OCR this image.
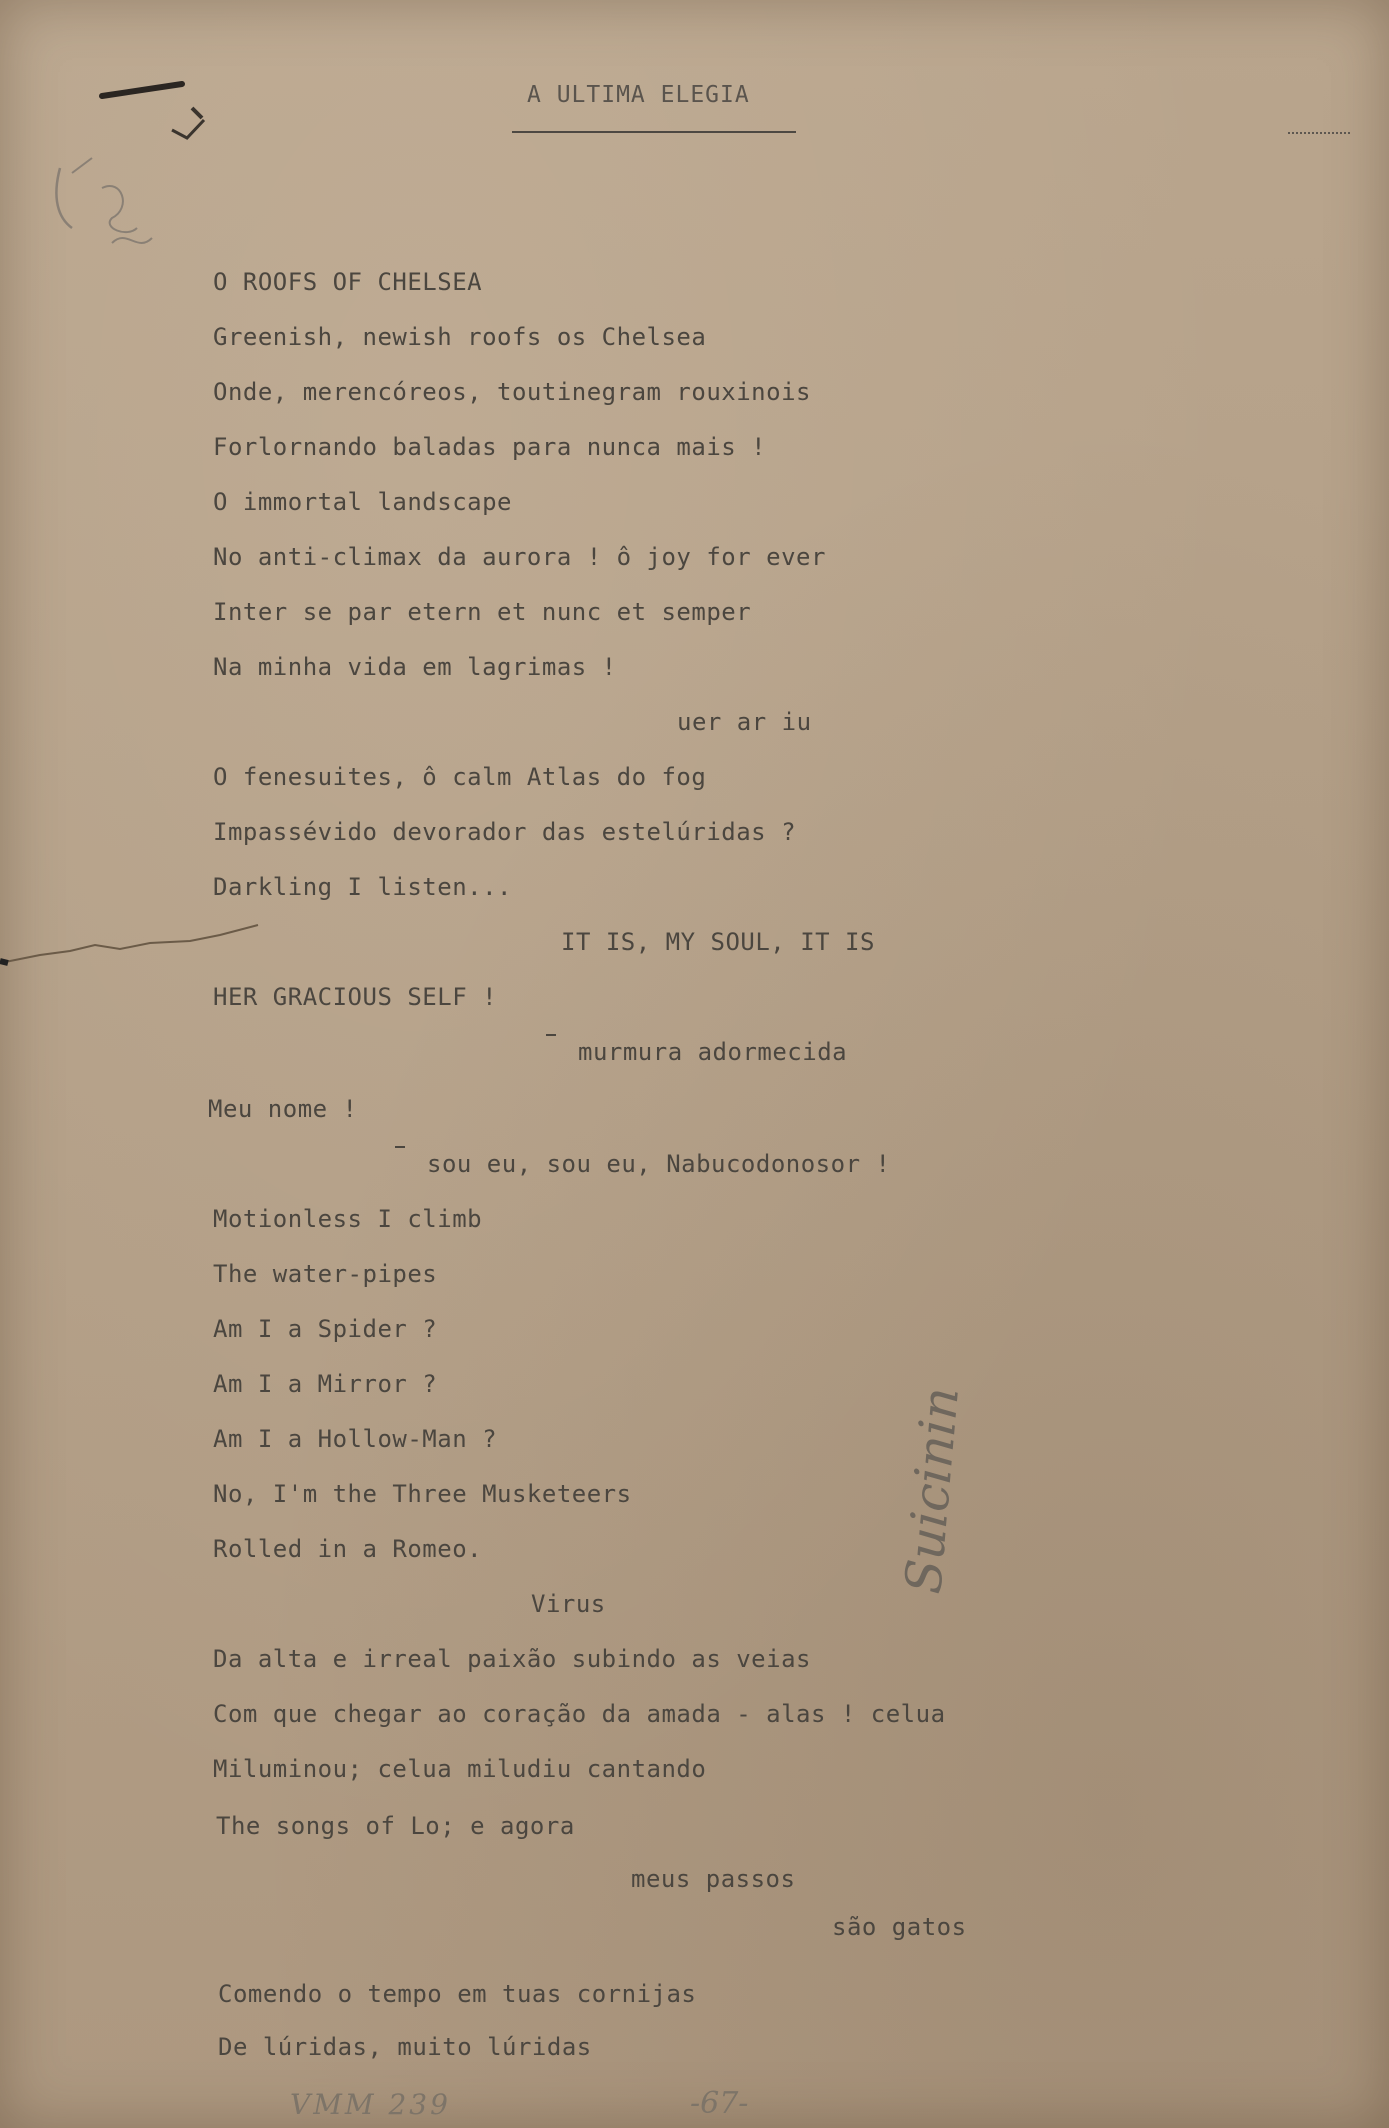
A ULTIMA ELEGIA
O ROOFS OF CHELSEA
Greenish, newish roofs os Chelsea
Onde, merencóreos, toutinegram rouxinois
Forlornando baladas para nunca mais !
O immortal landscape
No anti-climax da aurora ! ô joy for ever
Inter se par etern et nunc et semper
Na minha vida em lagrimas !
uer ar iu
O fenesuites, ô calm Atlas do fog
Impassévido devorador das estelúridas ?
Darkling I listen...
IT IS, MY SOUL, IT IS
HER GRACIOUS SELF !
murmura adormecida
Meu nome !
sou eu, sou eu, Nabucodonosor !
Motionless I climb
The water-pipes
Am I a Spider ?
Am I a Mirror ?
Am I a Hollow-Man ?
No, I'm the Three Musketeers
Rolled in a Romeo.
Virus
Da alta e irreal paixão subindo as veias
Com que chegar ao coração da amada - alas ! celua
Miluminou; celua miludiu cantando
The songs of Lo; e agora
meus passos
são gatos
Comendo o tempo em tuas cornijas
De lúridas, muito lúridas
Suicinin
VMM 239	-67-
